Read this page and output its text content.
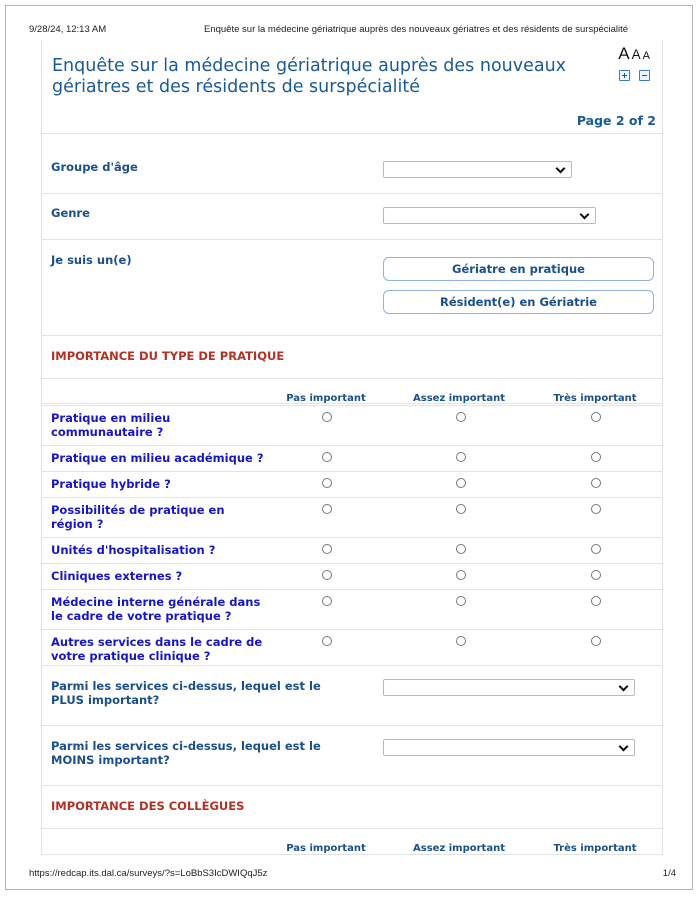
9/28/24, 12:13 AM	Enquête sur la médecine gériatrique auprès des nouveaux gériatres et des résidents de surspécialité
Enquête sur la médecine gériatrique auprès des nouveaux gériatres et des résidents de surspécialité
A A A
Page 2 of 2
Groupe d'âge
Genre
Je suis un(e)
Gériatre en pratique
Résident(e) en Gériatrie
IMPORTANCE DU TYPE DE PRATIQUE
Pas important	Assez important	Très important
Pratique en milieu communautaire ?
Pratique en milieu académique ?
Pratique hybride ?
Possibilités de pratique en région ?
Unités d'hospitalisation ?
Cliniques externes ?
Médecine interne générale dans le cadre de votre pratique ?
Autres services dans le cadre de votre pratique clinique ?
Parmi les services ci-dessus, lequel est le PLUS important?
Parmi les services ci-dessus, lequel est le MOINS important?
IMPORTANCE DES COLLÈGUES
Pas important	Assez important	Très important
https://redcap.its.dal.ca/surveys/?s=LoBbS3IcDWIQqJ5z	1/4
